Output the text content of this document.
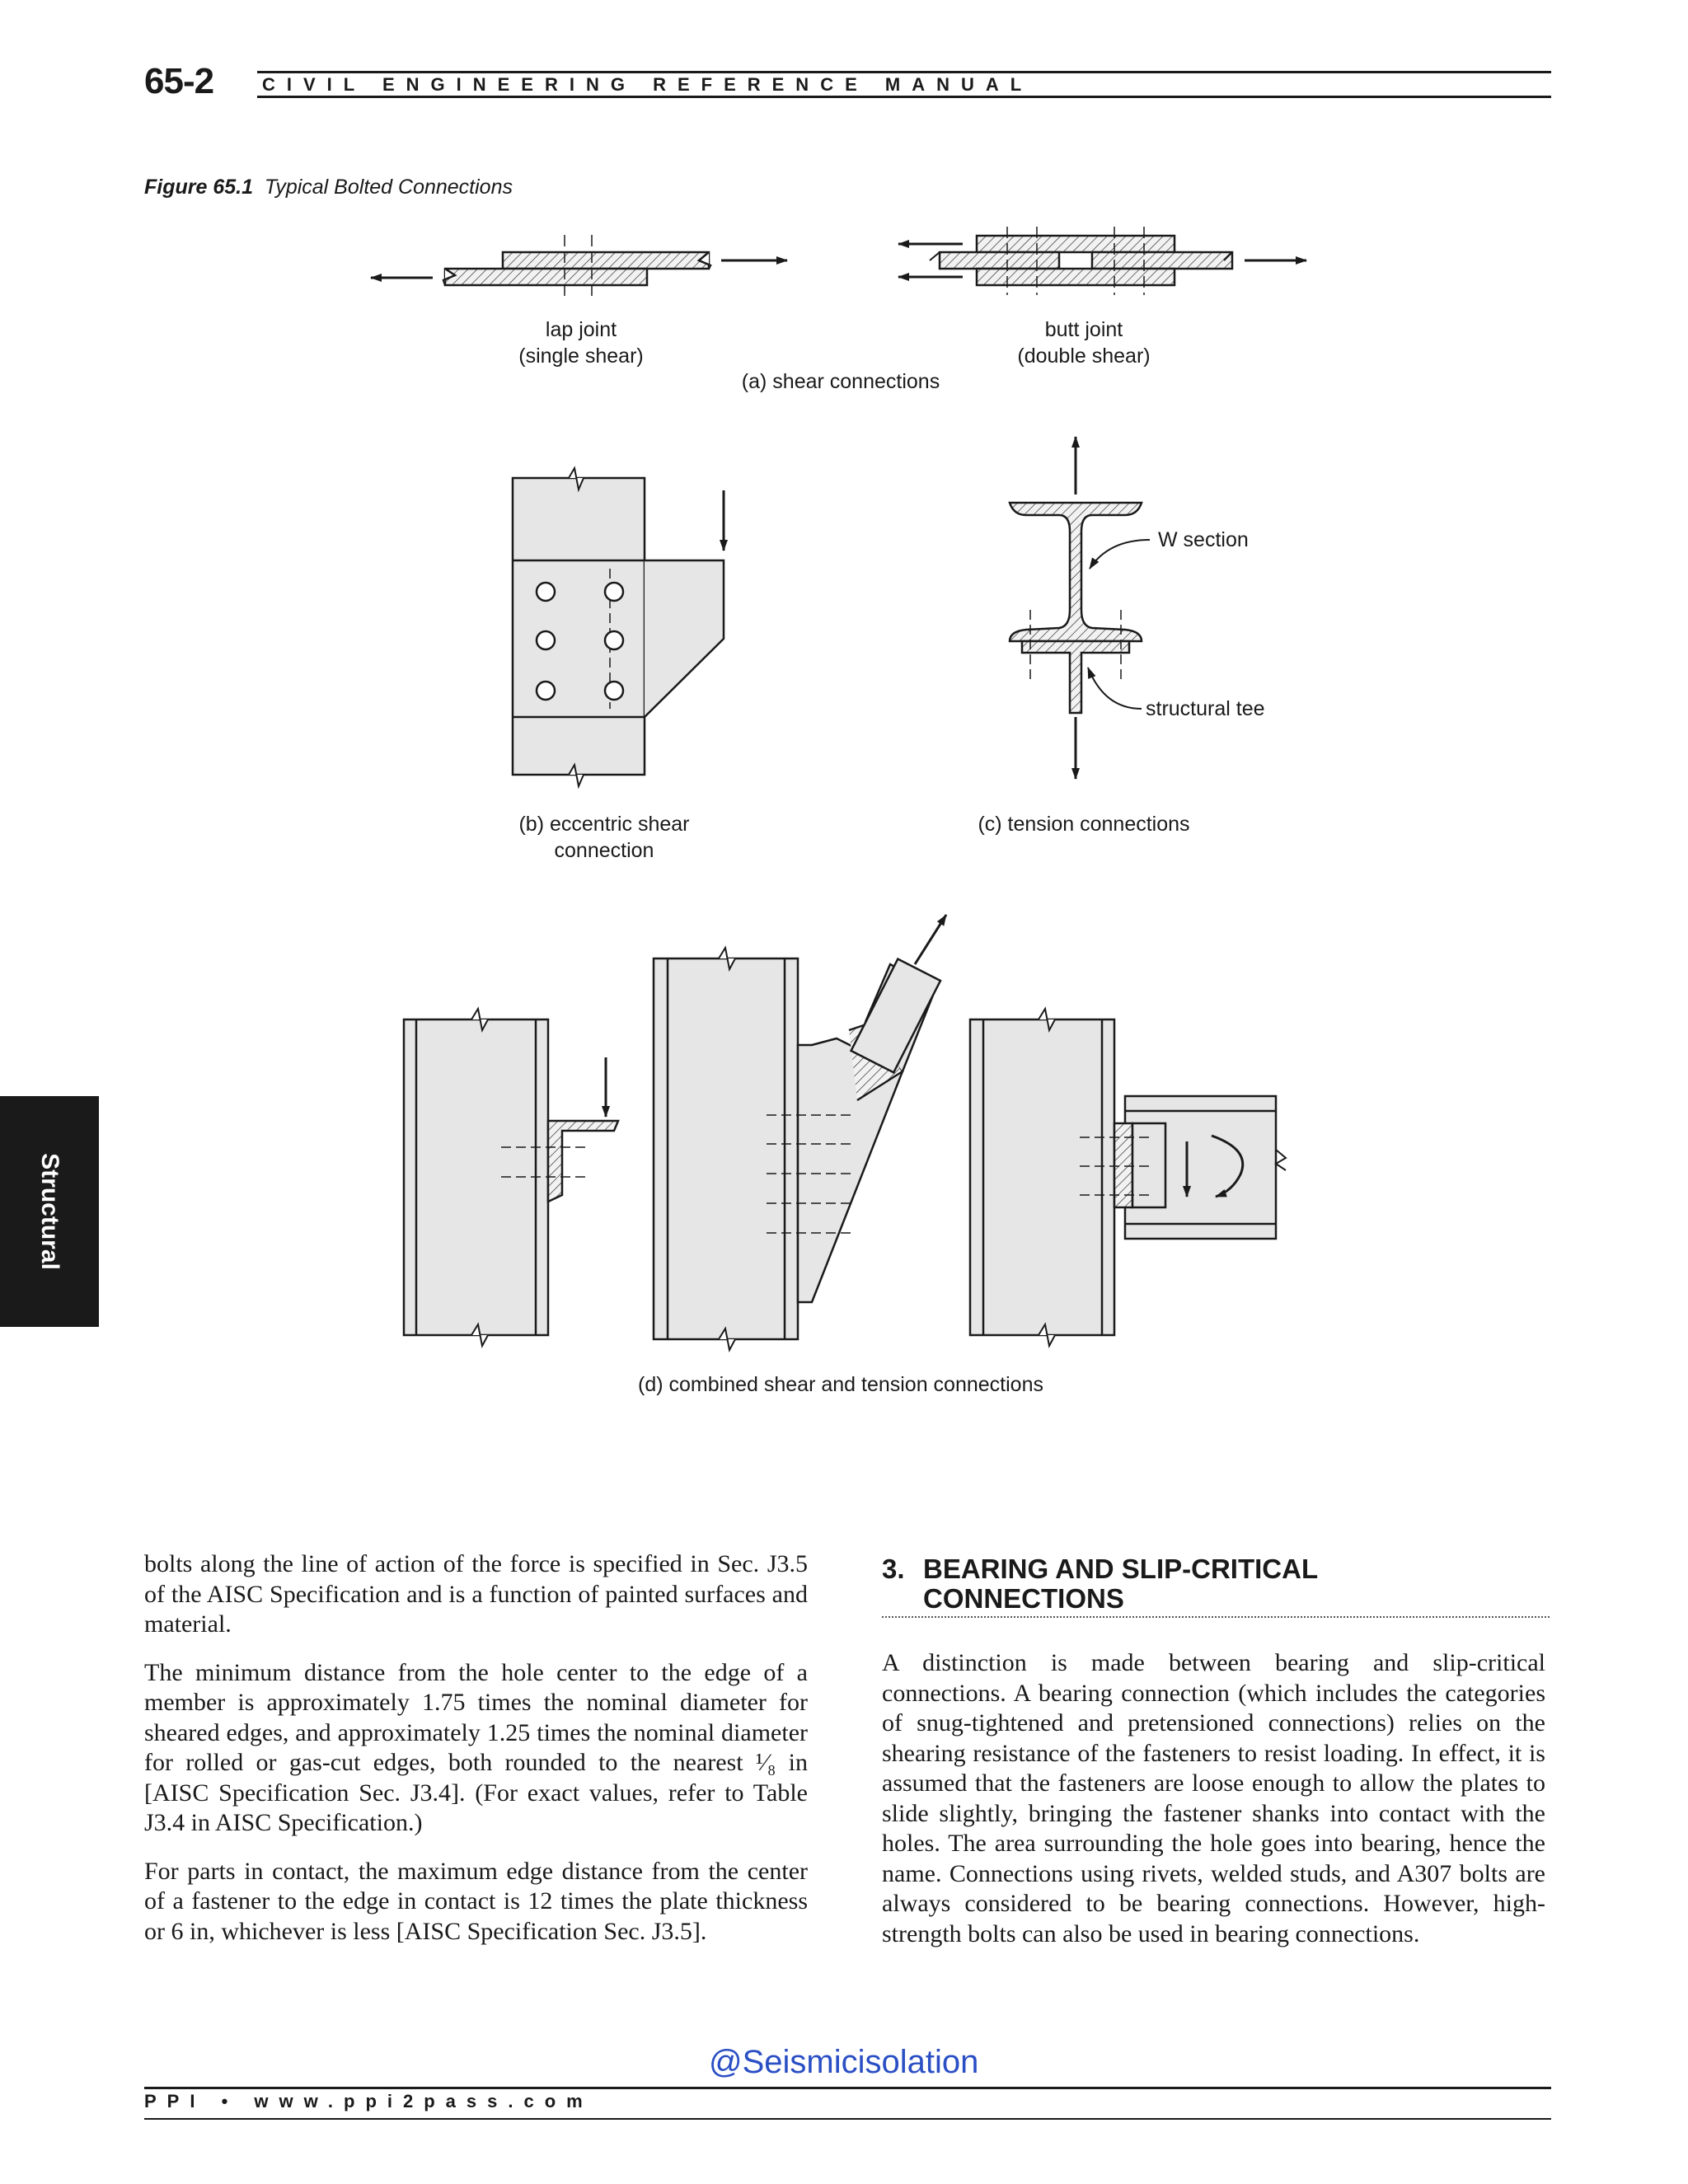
65-2	CIVIL ENGINEERING REFERENCE MANUAL
Figure 65.1 Typical Bolted Connections
Structural
lap joint
(single shear)
butt joint
(double shear)
(a) shear connections
W section
structural tee
(b) eccentric shear
connection
(c) tension connections
(d) combined shear and tension connections

bolts along the line of action of the force is specified in Sec. J3.5 of the AISC Specification and is a function of painted surfaces and material.

The minimum distance from the hole center to the edge of a member is approximately 1.75 times the nominal diameter for sheared edges, and approximately 1.25 times the nominal diameter for rolled or gas-cut edges, both rounded to the nearest ¹⁄₈ in [AISC Specification Sec. J3.4]. (For exact values, refer to Table J3.4 in AISC Specification.)

For parts in contact, the maximum edge distance from the center of a fastener to the edge in contact is 12 times the plate thickness or 6 in, whichever is less [AISC Specification Sec. J3.5].

3. BEARING AND SLIP-CRITICAL
CONNECTIONS

A distinction is made between bearing and slip-critical connections. A bearing connection (which includes the categories of snug-tightened and pretensioned connections) relies on the shearing resistance of the fasteners to resist loading. In effect, it is assumed that the fasteners are loose enough to allow the plates to slide slightly, bringing the fastener shanks into contact with the holes. The area surrounding the hole goes into bearing, hence the name. Connections using rivets, welded studs, and A307 bolts are always considered to be bearing connections. However, high-strength bolts can also be used in bearing connections.

@Seismicisolation
PPI • www.ppi2pass.com
